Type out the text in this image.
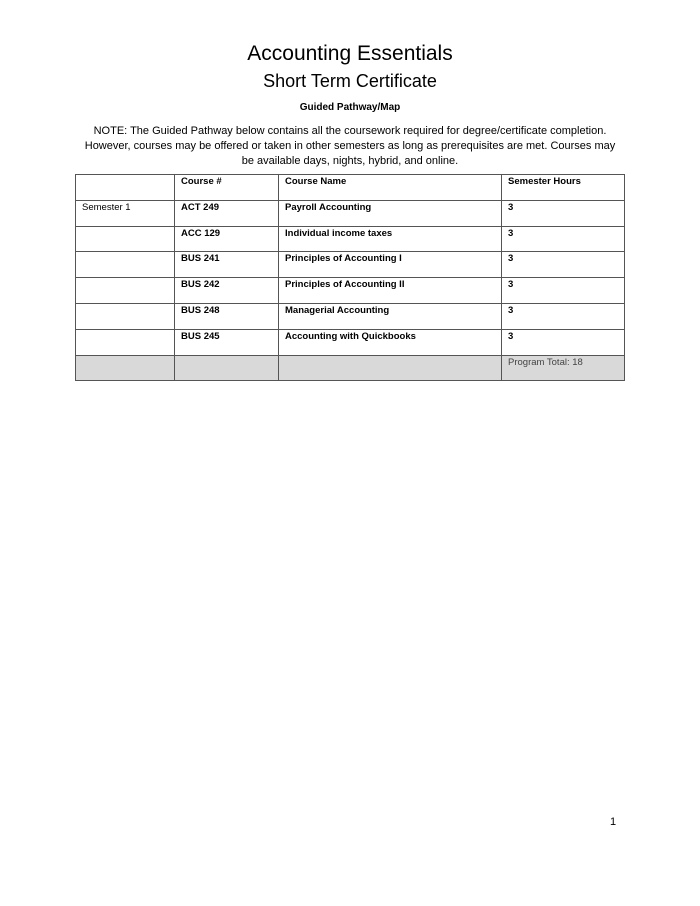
Accounting Essentials
Short Term Certificate
Guided Pathway/Map
NOTE: The Guided Pathway below contains all the coursework required for degree/certificate completion. However, courses may be offered or taken in other semesters as long as prerequisites are met. Courses may be available days, nights, hybrid, and online.
	Course #	Course Name	Semester Hours
Semester 1	ACT 249	Payroll Accounting	3
	ACC 129	Individual income taxes	3
	BUS 241	Principles of Accounting I	3
	BUS 242	Principles of Accounting II	3
	BUS 248	Managerial Accounting	3
	BUS 245	Accounting with Quickbooks	3
			Program Total: 18
1
